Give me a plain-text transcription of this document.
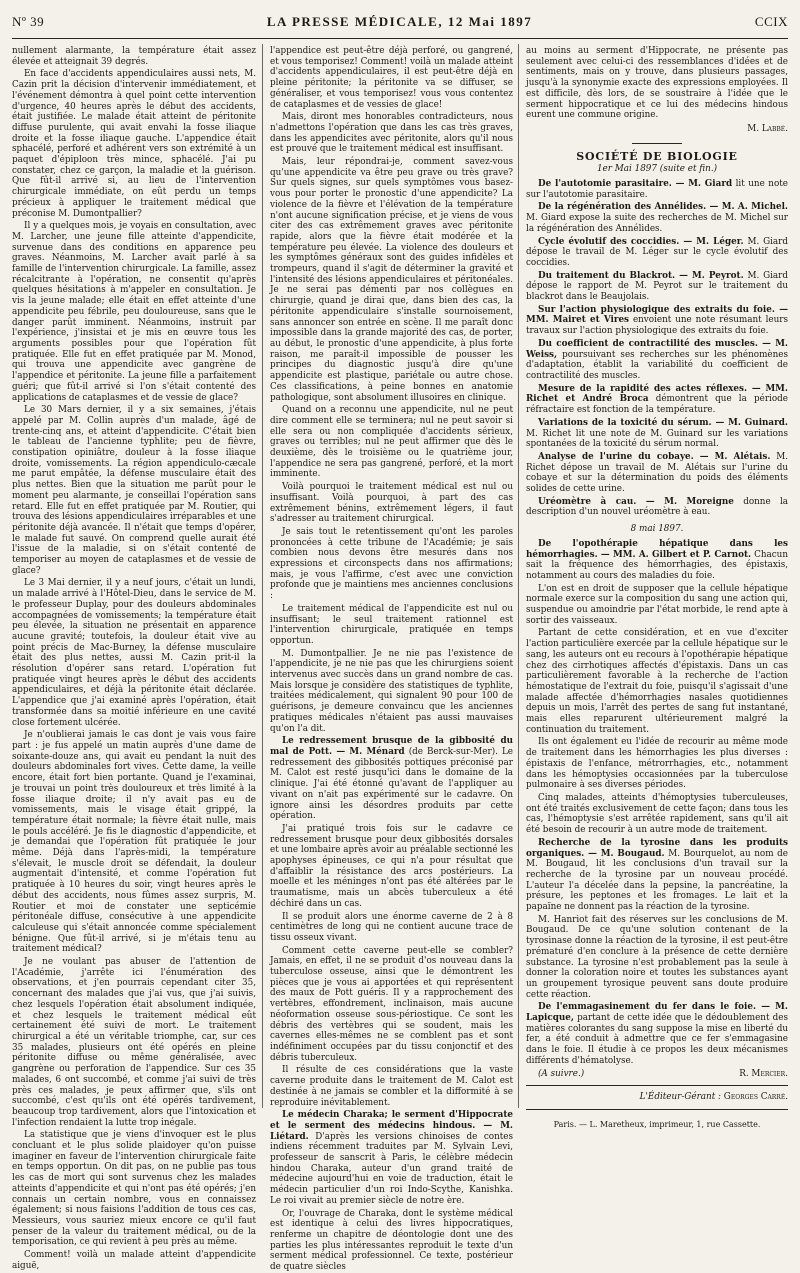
Nº 39	LA PRESSE MÉDICALE, 12 Mai 1897	CCIX

nullement alarmante, la température était assez élevée et atteignait 39 degrés.

En face d'accidents appendiculaires aussi nets, M. Cazin prit la décision d'intervenir immédiatement, et l'événement démontra à quel point cette intervention d'urgence, 40 heures après le début des accidents, était justifiée. Le malade était atteint de péritonite diffuse purulente, qui avait envahi la fosse iliaque droite et la fosse iliaque gauche. L'appendice était sphacélé, perforé et adhérent vers son extrémité à un paquet d'épiploon très mince, sphacélé. J'ai pu constater, chez ce garçon, la maladie et la guérison. Que fût-il arrivé si, au lieu de l'intervention chirurgicale immédiate, on eût perdu un temps précieux à appliquer le traitement médical que préconise M. Dumontpallier?

Il y a quelques mois, je voyais en consultation, avec M. Larcher, une jeune fille atteinte d'appendicite, survenue dans des conditions en apparence peu graves. Néanmoins, M. Larcher avait parlé à sa famille de l'intervention chirurgicale. La famille, assez récalcitrante à l'opération, ne consentit qu'après quelques hésitations à m'appeler en consultation. Je vis la jeune malade; elle était en effet atteinte d'une appendicite peu fébrile, peu douloureuse, sans que le danger parût imminent. Néanmoins, instruit par l'expérience, j'insistai et je mis en œuvre tous les arguments possibles pour que l'opération fût pratiquée. Elle fut en effet pratiquée par M. Monod, qui trouva une appendicite avec gangrène de l'appendice et péritonite. La jeune fille a parfaitement guéri; que fût-il arrivé si l'on s'était contenté des applications de cataplasmes et de vessie de glace?

Le 30 Mars dernier, il y a six semaines, j'étais appelé par M. Collin auprès d'un malade, âgé de trente-cinq ans, et atteint d'appendicite. C'était bien le tableau de l'ancienne typhlite; peu de fièvre, constipation opiniâtre, douleur à la fosse iliaque droite, vomissements. La région appendiculo-cæcale me parut empâtée, la défense musculaire était des plus nettes. Bien que la situation me parût pour le moment peu alarmante, je conseillai l'opération sans retard. Elle fut en effet pratiquée par M. Routier, qui trouva des lésions appendiculaires irréparables et une péritonite déjà avancée. Il n'était que temps d'opérer, le malade fut sauvé. On comprend quelle aurait été l'issue de la maladie, si on s'était contenté de temporiser au moyen de cataplasmes et de vessie de glace?

Le 3 Mai dernier, il y a neuf jours, c'était un lundi, un malade arrivé à l'Hôtel-Dieu, dans le service de M. le professeur Duplay, pour des douleurs abdominales accompagnées de vomissements; la température était peu élevée, la situation ne présentait en apparence aucune gravité; toutefois, la douleur était vive au point précis de Mac-Burney, la défense musculaire était des plus nettes, aussi M. Cazin prit-il la résolution d'opérer sans retard. L'opération fut pratiquée vingt heures après le début des accidents appendiculaires, et déjà la péritonite était déclarée. L'appendice que j'ai examiné après l'opération, était transformée dans sa moitié inférieure en une cavité close fortement ulcérée.

Je n'oublierai jamais le cas dont je vais vous faire part : je fus appelé un matin auprès d'une dame de soixante-douze ans, qui avait eu pendant la nuit des douleurs abdominales fort vives. Cette dame, la veille encore, était fort bien portante. Quand je l'examinai, je trouvai un point très douloureux et très limité à la fosse iliaque droite; il n'y avait pas eu de vomissements, mais le visage était grippé, la température était normale; la fièvre était nulle, mais le pouls accéléré. Je fis le diagnostic d'appendicite, et je demandai que l'opération fût pratiquée le jour même. Déjà dans l'après-midi, la température s'élevait, le muscle droit se défendait, la douleur augmentait d'intensité, et comme l'opération fut pratiquée à 10 heures du soir, vingt heures après le début des accidents, nous fûmes assez surpris, M. Routier et moi de constater une septicémie péritonéale diffuse, consécutive à une appendicite calculeuse qui s'était annoncée comme spécialement bénigne. Que fût-il arrivé, si je m'étais tenu au traitement médical?

Je ne voulant pas abuser de l'attention de l'Académie, j'arrête ici l'énumération des observations, et j'en pourrais cependant citer 35, concernant des malades que j'ai vus, que j'ai suivis, chez lesquels l'opération était absolument indiquée, et chez lesquels le traitement médical eût certainement été suivi de mort. Le traitement chirurgical a été un véritable triomphe, car, sur ces 35 malades, plusieurs ont été opérés en pleine péritonite diffuse ou même généralisée, avec gangrène ou perforation de l'appendice. Sur ces 35 malades, 6 ont succombé, et comme j'ai suivi de très près ces malades, je peux affirmer que, s'ils ont succombé, c'est qu'ils ont été opérés tardivement, beaucoup trop tardivement, alors que l'intoxication et l'infection rendaient la lutte trop inégale.

La statistique que je viens d'invoquer est le plus concluant et le plus solide plaidoyer qu'on puisse imaginer en faveur de l'intervention chirurgicale faite en temps opportun. On dit pas, on ne publie pas tous les cas de mort qui sont survenus chez les malades atteints d'appendicite et qui n'ont pas été opérés; j'en connais un certain nombre, vous en connaissez également; si nous faisions l'addition de tous ces cas, Messieurs, vous sauriez mieux encore ce qu'il faut penser de la valeur du traitement médical, ou de la temporisation, ce qui revient à peu près au même.

Comment! voilà un malade atteint d'appendicite aiguë,

l'appendice est peut-être déjà perforé, ou gangrené, et vous temporisez! Comment! voilà un malade atteint d'accidents appendiculaires, il est peut-être déjà en pleine péritonite; la péritonite va se diffuser, se généraliser, et vous temporisez! vous vous contentez de cataplasmes et de vessies de glace!

Mais, diront mes honorables contradicteurs, nous n'admettons l'opération que dans les cas très graves, dans les appendicites avec péritonite, alors qu'il nous est prouvé que le traitement médical est insuffisant.

Mais, leur répondrai-je, comment savez-vous qu'une appendicite va être peu grave ou très grave? Sur quels signes, sur quels symptômes vous basez-vous pour porter le pronostic d'une appendicite? La violence de la fièvre et l'élévation de la température n'ont aucune signification précise, et je viens de vous citer des cas extrêmement graves avec péritonite rapide, alors que la fièvre était modérée et la température peu élevée. La violence des douleurs et les symptômes généraux sont des guides infidèles et trompeurs, quand il s'agit de déterminer la gravité et l'intensité des lésions appendiculaires et péritonéales. Je ne serai pas démenti par nos collègues en chirurgie, quand je dirai que, dans bien des cas, la péritonite appendiculaire s'installe sournoisement, sans annoncer son entrée en scène. Il me paraît donc impossible dans la grande majorité des cas, de porter, au début, le pronostic d'une appendicite, à plus forte raison, me paraît-il impossible de pousser les principes du diagnostic jusqu'à dire qu'une appendicite est plastique, pariétale ou autre chose. Ces classifications, à peine bonnes en anatomie pathologique, sont absolument illusoires en clinique.

Quand on a reconnu une appendicite, nul ne peut dire comment elle se terminera; nul ne peut savoir si elle sera ou non compliquée d'accidents sérieux, graves ou terribles; nul ne peut affirmer que dès le deuxième, dès le troisième ou le quatrième jour, l'appendice ne sera pas gangrené, perforé, et la mort imminente.

Voilà pourquoi le traitement médical est nul ou insuffisant. Voilà pourquoi, à part des cas extrêmement bénins, extrêmement légers, il faut s'adresser au traitement chirurgical.

Je sais tout le retentissement qu'ont les paroles prononcées à cette tribune de l'Académie; je sais combien nous devons être mesurés dans nos expressions et circonspects dans nos affirmations; mais, je vous l'affirme, c'est avec une conviction profonde que je maintiens mes anciennes conclusions :

Le traitement médical de l'appendicite est nul ou insuffisant; le seul traitement rationnel est l'intervention chirurgicale, pratiquée en temps opportun.

M. Dumontpallier. Je ne nie pas l'existence de l'appendicite, je ne nie pas que les chirurgiens soient intervenus avec succès dans un grand nombre de cas. Mais lorsque je considère des statistiques de typhlite, traitées médicalement, qui signalent 90 pour 100 de guérisons, je demeure convaincu que les anciennes pratiques médicales n'étaient pas aussi mauvaises qu'on l'a dit.

Le redressement brusque de la gibbosité du mal de Pott. — M. Ménard (de Berck-sur-Mer). Le redressement des gibbosités pottiques préconisé par M. Calot est resté jusqu'ici dans le domaine de la clinique. J'ai été étonné qu'avant de l'appliquer au vivant on n'ait pas expérimenté sur le cadavre. On ignore ainsi les désordres produits par cette opération.

J'ai pratiqué trois fois sur le cadavre ce redressement brusque pour deux gibbosités dorsales et une lombaire après avoir au préalable sectionné les apophyses épineuses, ce qui n'a pour résultat que d'affaiblir la résistance des arcs postérieurs. La moelle et les méninges n'ont pas été altérées par le traumatisme, mais un abcès tuberculeux a été déchiré dans un cas.

Il se produit alors une énorme caverne de 2 à 8 centimètres de long qui ne contient aucune trace de tissu osseux vivant.

Comment cette caverne peut-elle se combler? Jamais, en effet, il ne se produit d'os nouveau dans la tuberculose osseuse, ainsi que le démontrent les pièces que je vous ai apportées et qui représentent des maux de Pott guéris. Il y a rapprochement des vertèbres, effondrement, inclinaison, mais aucune néoformation osseuse sous-périostique. Ce sont les débris des vertèbres qui se soudent, mais les cavernes elles-mêmes ne se comblent pas et sont indéfiniment occupées par du tissu conjonctif et des débris tuberculeux.

Il résulte de ces considérations que la vaste caverne produite dans le traitement de M. Calot est destinée à ne jamais se combler et la difformité à se reproduire inévitablement.

Le médecin Charaka; le serment d'Hippocrate et le serment des médecins hindous. — M. Liétard. D'après les versions chinoises de contes indiens récemment traduites par M. Sylvain Levi, professeur de sanscrit à Paris, le célèbre médecin hindou Charaka, auteur d'un grand traité de médecine aujourd'hui en voie de traduction, était le médecin particulier d'un roi Indo-Scythe, Kanishka. Le roi vivait au premier siècle de notre ère.

Or, l'ouvrage de Charaka, dont le système médical est identique à celui des livres hippocratiques, renferme un chapitre de déontologie dont une des parties les plus intéressantes reproduit le texte d'un serment médical professionnel. Ce texte, postérieur de quatre siècles

au moins au serment d'Hippocrate, ne présente pas seulement avec celui-ci des ressemblances d'idées et de sentiments, mais on y trouve, dans plusieurs passages, jusqu'à la synonymie exacte des expressions employées. Il est difficile, dès lors, de se soustraire à l'idée que le serment hippocratique et ce lui des médecins hindous eurent une commune origine.

M. Labbé.
SOCIÉTÉ DE BIOLOGIE
1er Mai 1897 (suite et fin.)

De l'autotomie parasitaire. — M. Giard lit une note sur l'autotomie parasitaire.

De la régénération des Annélides. — M. A. Michel. M. Giard expose la suite des recherches de M. Michel sur la régénération des Annélides.

Cycle évolutif des coccidies. — M. Léger. M. Giard dépose le travail de M. Léger sur le cycle évolutif des coccidies.

Du traitement du Blackrot. — M. Peyrot. M. Giard dépose le rapport de M. Peyrot sur le traitement du blackrot dans le Beaujolais.

Sur l'action physiologique des extraits du foie. — MM. Mairet et Vires envoient une note résumant leurs travaux sur l'action physiologique des extraits du foie.

Du coefficient de contractilité des muscles. — M. Weiss, poursuivant ses recherches sur les phénomènes d'adaptation, établit la variabilité du coefficient de contractilité des muscles.

Mesure de la rapidité des actes réflexes. — MM. Richet et André Broca démontrent que la période réfractaire est fonction de la température.

Variations de la toxicité du sérum. — M. Guinard. M. Richet lit une note de M. Guinard sur les variations spontanées de la toxicité du sérum normal.

Analyse de l'urine du cobaye. — M. Alétais. M. Richet dépose un travail de M. Alétais sur l'urine du cobaye et sur la détermination du poids des éléments solides de cette urine.

Uréomètre à cau. — M. Moreigne donne la description d'un nouvel uréomètre à eau.

8 mai 1897.

De l'opothérapie hépatique dans les hémorrhagies. — MM. A. Gilbert et P. Carnot. Chacun sait la fréquence des hémorrhagies, des épistaxis, notamment au cours des maladies du foie.

L'on est en droit de supposer que la cellule hépatique normale exerce sur la composition du sang une action qui, suspendue ou amoindrie par l'état morbide, le rend apte à sortir des vaisseaux.

Partant de cette considération, et en vue d'exciter l'action particulière exercée par la cellule hépatique sur le sang, les auteurs ont eu recours à l'opothérapie hépatique chez des cirrhotiques affectés d'épistaxis. Dans un cas particulièrement favorable à la recherche de l'action hémostatique de l'extrait du foie, puisqu'il s'agissait d'une malade affectée d'hémorrhagies nasales quotidiennes depuis un mois, l'arrêt des pertes de sang fut instantané, mais elles reparurent ultérieurement malgré la continuation du traitement.

Ils ont également eu l'idée de recourir au même mode de traitement dans les hémorrhagies les plus diverses : épistaxis de l'enfance, métrorrhagies, etc., notamment dans les hémoptysies occasionnées par la tuberculose pulmonaire à ses diverses périodes.

Cinq malades, atteints d'hémoptysies tuberculeuses, ont été traités exclusivement de cette façon; dans tous les cas, l'hémoptysie s'est arrêtée rapidement, sans qu'il ait été besoin de recourir à un autre mode de traitement.

Recherche de la tyrosine dans les produits organiques. — M. Bougaud. M. Bourquelot, au nom de M. Bougaud, lit les conclusions d'un travail sur la recherche de la tyrosine par un nouveau procédé. L'auteur l'a décelée dans la pepsine, la pancréatine, la présure, les peptones et les fromages. Le lait et la papaïne ne donnent pas la réaction de la tyrosine.

M. Hanriot fait des réserves sur les conclusions de M. Bougaud. De ce qu'une solution contenant de la tyrosinase donne la réaction de la tyrosine, il est peut-être prématuré d'en conclure à la présence de cette dernière substance. La tyrosine n'est probablement pas la seule à donner la coloration noire et toutes les substances ayant un groupement tyrosique peuvent sans doute produire cette réaction.

De l'emmagasinement du fer dans le foie. — M. Lapicque, partant de cette idée que le dédoublement des matières colorantes du sang suppose la mise en liberté du fer, a été conduit à admettre que ce fer s'emmagasine dans le foie. Il étudie à ce propos les deux mécanismes différents d'hématolyse.

(A suivre.)	R. Mercier.
L'Éditeur-Gérant : Georges Carré.
Paris. — L. Maretheux, imprimeur, 1, rue Cassette.
